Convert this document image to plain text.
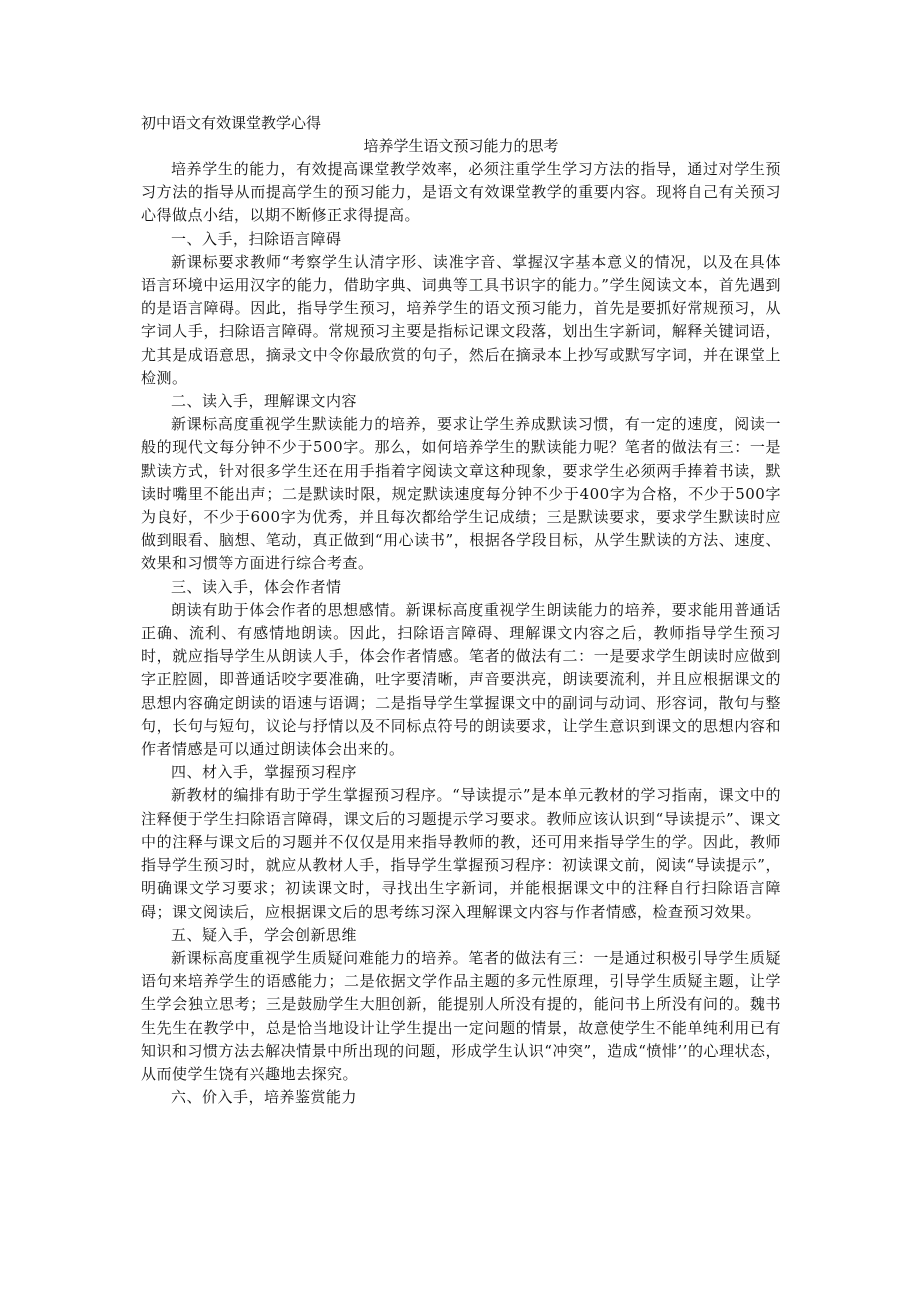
初中语文有效课堂教学心得

培养学生语文预习能力的思考

培养学生的能力，有效提高课堂教学效率，必须注重学生学习方法的指导，通过对学生预习方法的指导从而提高学生的预习能力，是语文有效课堂教学的重要内容。现将自己有关预习心得做点小结，以期不断修正求得提高。

一、入手，扫除语言障碍

新课标要求教师“考察学生认清字形、读准字音、掌握汉字基本意义的情况，以及在具体语言环境中运用汉字的能力，借助字典、词典等工具书识字的能力。”学生阅读文本，首先遇到的是语言障碍。因此，指导学生预习，培养学生的语文预习能力，首先是要抓好常规预习，从字词人手，扫除语言障碍。常规预习主要是指标记课文段落，划出生字新词，解释关键词语，尤其是成语意思，摘录文中令你最欣赏的句子，然后在摘录本上抄写或默写字词，并在课堂上检测。

二、读入手，理解课文内容

新课标高度重视学生默读能力的培养，要求让学生养成默读习惯，有一定的速度，阅读一般的现代文每分钟不少于500字。那么，如何培养学生的默读能力呢？笔者的做法有三：一是默读方式，针对很多学生还在用手指着字阅读文章这种现象，要求学生必须两手捧着书读，默读时嘴里不能出声；二是默读时限，规定默读速度每分钟不少于400字为合格，不少于500字为良好，不少于600字为优秀，并且每次都给学生记成绩；三是默读要求，要求学生默读时应做到眼看、脑想、笔动，真正做到“用心读书”，根据各学段目标，从学生默读的方法、速度、效果和习惯等方面进行综合考查。

三、读入手，体会作者情

朗读有助于体会作者的思想感情。新课标高度重视学生朗读能力的培养，要求能用普通话正确、流利、有感情地朗读。因此，扫除语言障碍、理解课文内容之后，教师指导学生预习时，就应指导学生从朗读人手，体会作者情感。笔者的做法有二：一是要求学生朗读时应做到字正腔圆，即普通话咬字要准确，吐字要清晰，声音要洪亮，朗读要流利，并且应根据课文的思想内容确定朗读的语速与语调；二是指导学生掌握课文中的副词与动词、形容词，散句与整句，长句与短句，议论与抒情以及不同标点符号的朗读要求，让学生意识到课文的思想内容和作者情感是可以通过朗读体会出来的。

四、材入手，掌握预习程序

新教材的编排有助于学生掌握预习程序。“导读提示”是本单元教材的学习指南，课文中的注释便于学生扫除语言障碍，课文后的习题提示学习要求。教师应该认识到“导读提示”、课文中的注释与课文后的习题并不仅仅是用来指导教师的教，还可用来指导学生的学。因此，教师指导学生预习时，就应从教材人手，指导学生掌握预习程序：初读课文前，阅读“导读提示”，明确课文学习要求；初读课文时，寻找出生字新词，并能根据课文中的注释自行扫除语言障碍；课文阅读后，应根据课文后的思考练习深入理解课文内容与作者情感，检查预习效果。

五、疑入手，学会创新思维

新课标高度重视学生质疑问难能力的培养。笔者的做法有三：一是通过积极引导学生质疑语句来培养学生的语感能力；二是依据文学作品主题的多元性原理，引导学生质疑主题，让学生学会独立思考；三是鼓励学生大胆创新，能提别人所没有提的，能问书上所没有问的。魏书生先生在教学中，总是恰当地设计让学生提出一定问题的情景，故意使学生不能单纯利用已有知识和习惯方法去解决情景中所出现的问题，形成学生认识“冲突”，造成“愤悱’’的心理状态，从而使学生饶有兴趣地去探究。

六、价入手，培养鉴赏能力
